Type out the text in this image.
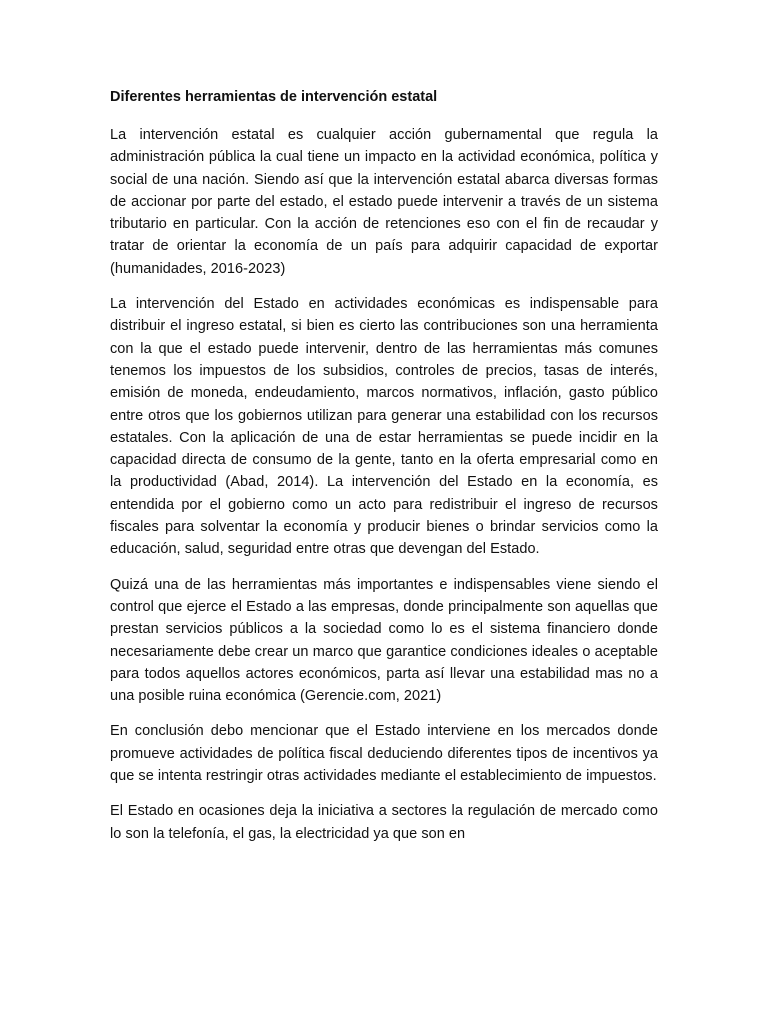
Diferentes herramientas de intervención estatal

La intervención estatal es cualquier acción gubernamental que regula la administración pública la cual tiene un impacto en la actividad económica, política y social de una nación. Siendo así que la intervención estatal abarca diversas formas de accionar por parte del estado, el estado puede intervenir a través de un sistema tributario en particular. Con la acción de retenciones eso con el fin de recaudar y tratar de orientar la economía de un país para adquirir capacidad de exportar (humanidades, 2016-2023)

La intervención del Estado en actividades económicas es indispensable para distribuir el ingreso estatal, si bien es cierto las contribuciones son una herramienta con la que el estado puede intervenir, dentro de las herramientas más comunes tenemos los impuestos de los subsidios, controles de precios, tasas de interés, emisión de moneda, endeudamiento, marcos normativos, inflación, gasto público entre otros que los gobiernos utilizan para generar una estabilidad con los recursos estatales. Con la aplicación de una de estar herramientas se puede incidir en la capacidad directa de consumo de la gente, tanto en la oferta empresarial como en la productividad (Abad, 2014). La intervención del Estado en la economía, es entendida por el gobierno como un acto para redistribuir el ingreso de recursos fiscales para solventar la economía y producir bienes o brindar servicios como la educación, salud, seguridad entre otras que devengan del Estado.

Quizá una de las herramientas más importantes e indispensables viene siendo el control que ejerce el Estado a las empresas, donde principalmente son aquellas que prestan servicios públicos a la sociedad como lo es el sistema financiero donde necesariamente debe crear un marco que garantice condiciones ideales o aceptable para todos aquellos actores económicos, parta así llevar una estabilidad mas no a una posible ruina económica (Gerencie.com, 2021)

En conclusión debo mencionar que el Estado interviene en los mercados donde promueve actividades de política fiscal deduciendo diferentes tipos de incentivos ya que se intenta restringir otras actividades mediante el establecimiento de impuestos.

El Estado en ocasiones deja la iniciativa a sectores la regulación de mercado como lo son la telefonía, el gas, la electricidad ya que son en
